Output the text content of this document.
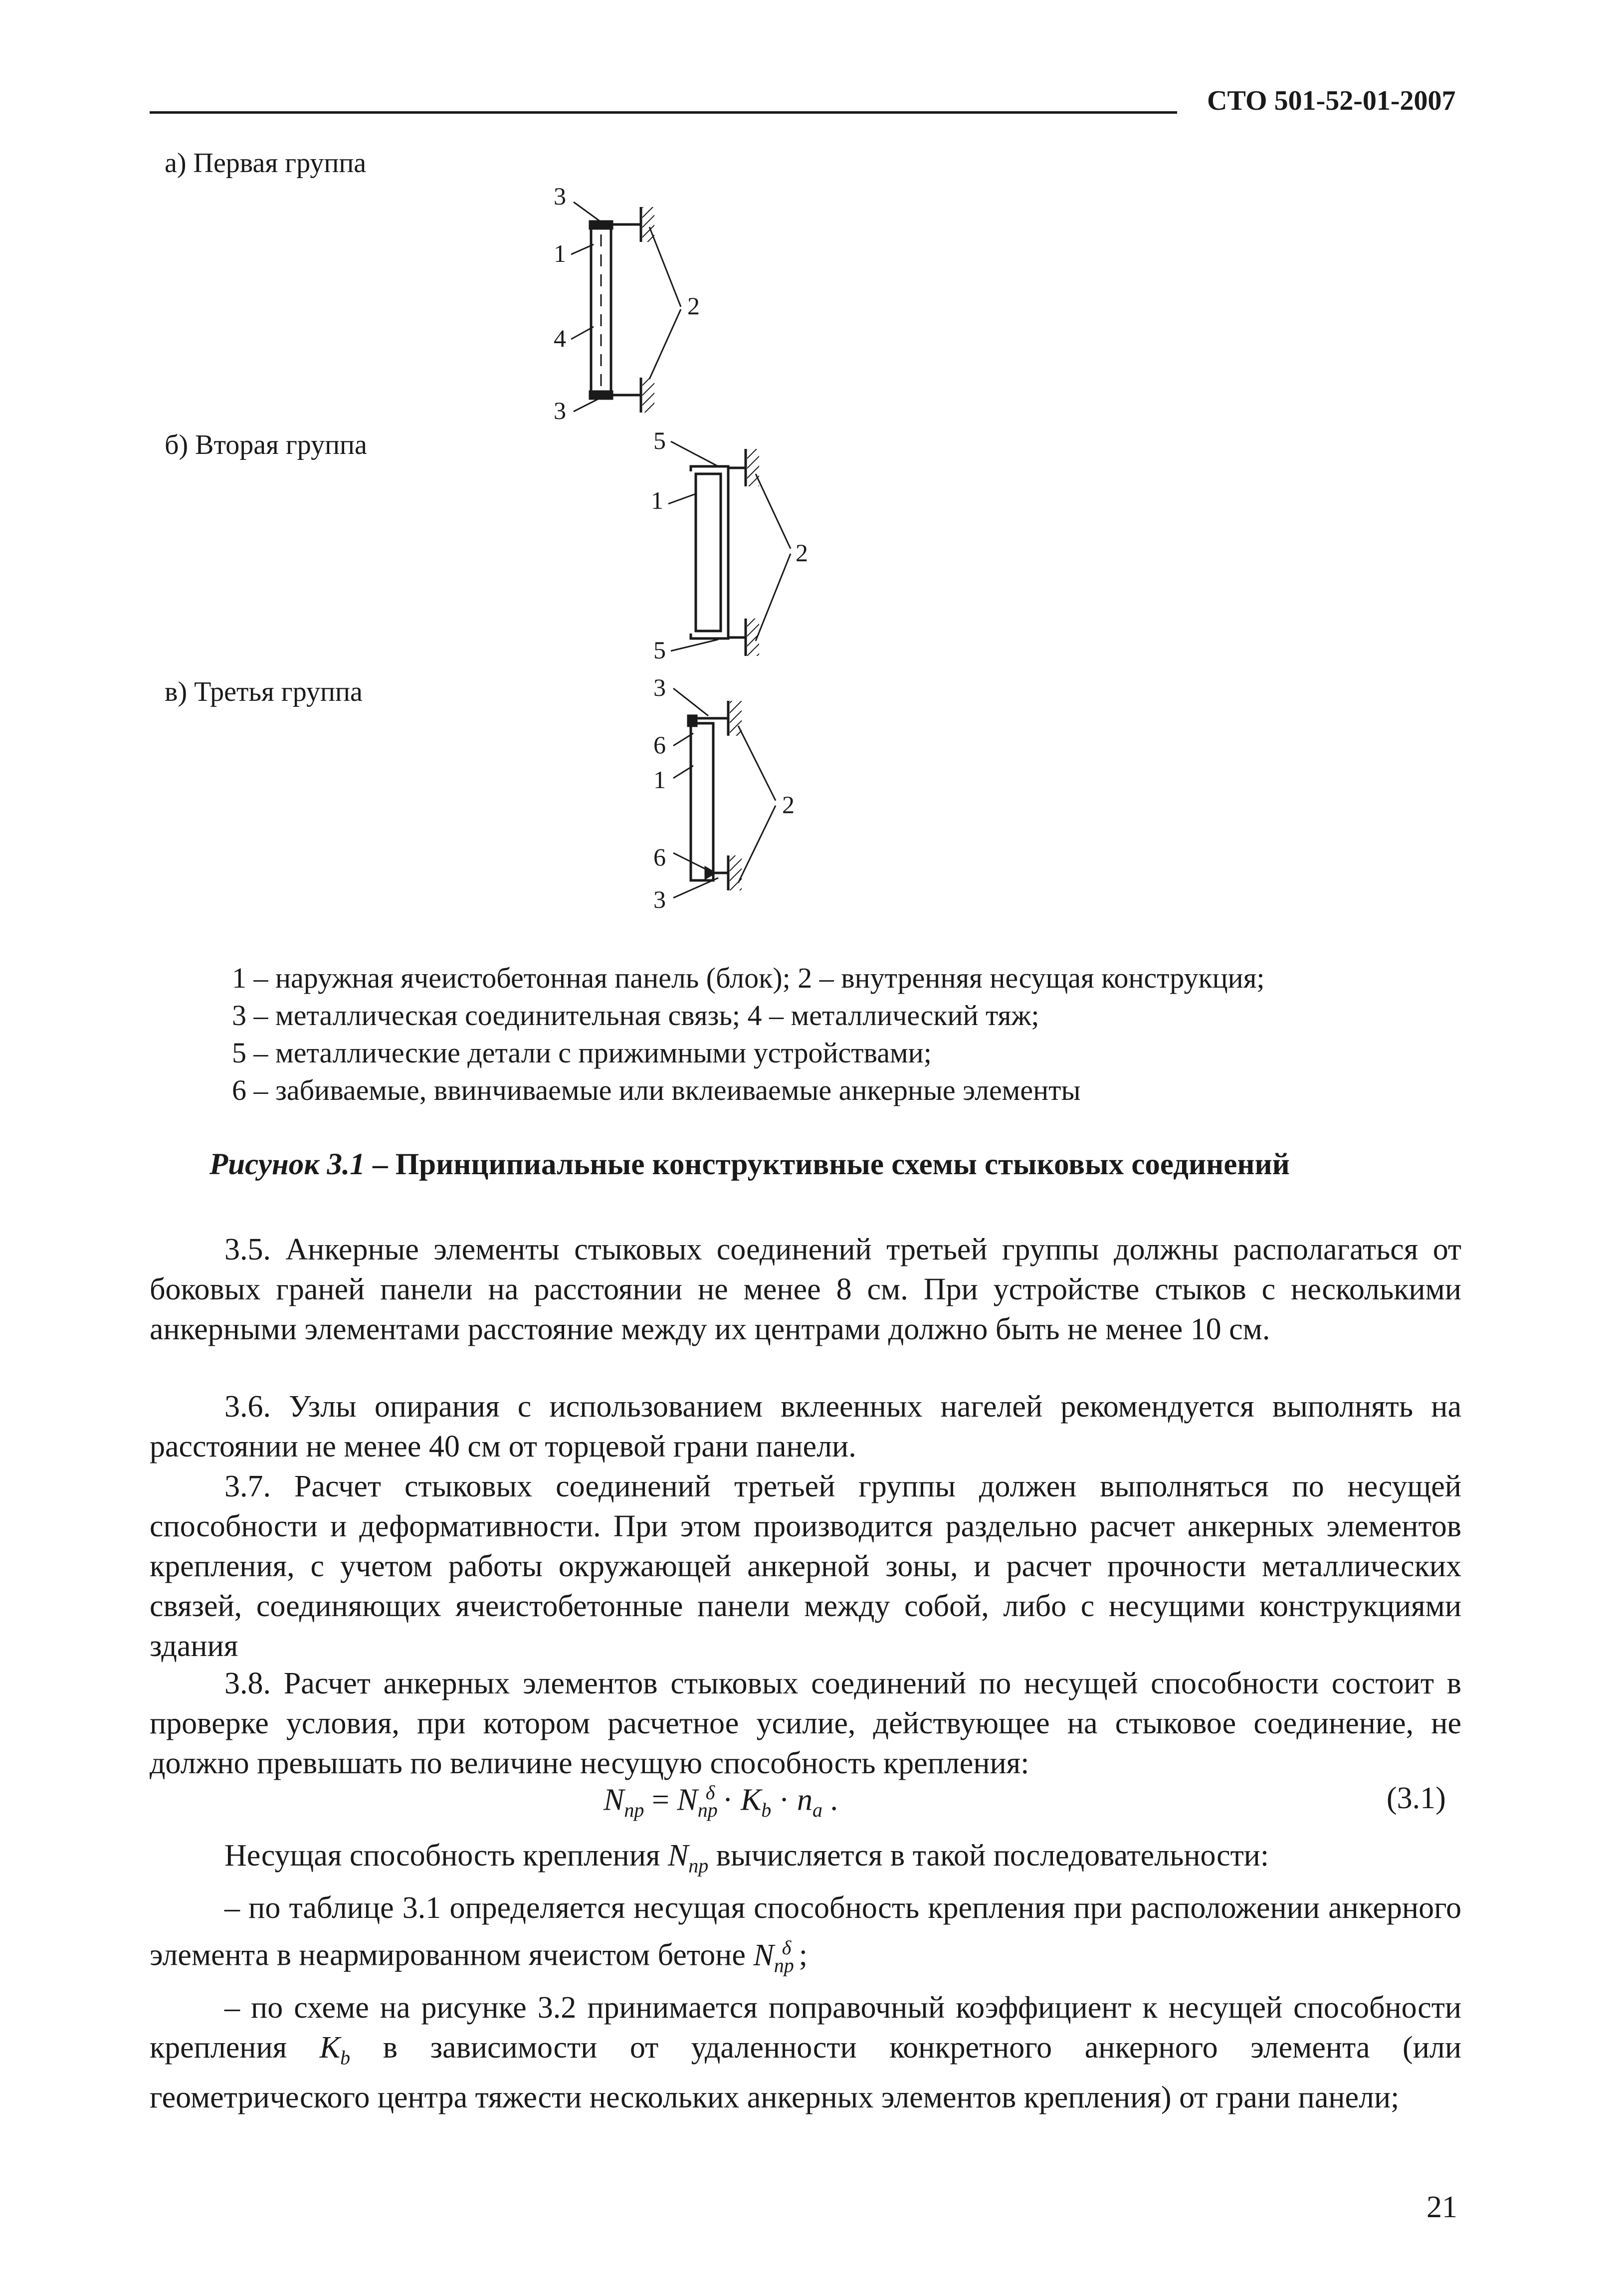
СТО 501-52-01-2007
а) Первая группа
б) Вторая группа
в) Третья группа
3
1
2
4
3
5
1
2
5
3
6
1
2
6
3
1 – наружная ячеистобетонная панель (блок); 2 – внутренняя несущая конструкция;
3 – металлическая соединительная связь; 4 – металлический тяж;
5 – металлические детали с прижимными устройствами;
6 – забиваемые, ввинчиваемые или вклеиваемые анкерные элементы
Рисунок 3.1 – Принципиальные конструктивные схемы стыковых соединений
3.5. Анкерные элементы стыковых соединений третьей группы должны располагаться от боковых граней панели на расстоянии не менее 8 см. При устройстве стыков с несколькими анкерными элементами расстояние между их центрами должно быть не менее 10 см.
3.6. Узлы опирания с использованием вклеенных нагелей рекомендуется выполнять на расстоянии не менее 40 см от торцевой грани панели.
3.7. Расчет стыковых соединений третьей группы должен выполняться по несущей способности и деформативности. При этом производится раздельно расчет анкерных элементов крепления, с учетом работы окружающей анкерной зоны, и расчет прочности металлических связей, соединяющих ячеистобетонные панели между собой, либо с несущими конструкциями здания
3.8. Расчет анкерных элементов стыковых соединений по несущей способности состоит в проверке условия, при котором расчетное усилие, действующее на стыковое соединение, не должно превышать по величине несущую способность крепления:
$N_{пр} = N_{пр}^\delta \cdot K_b \cdot n_a$ .	(3.1)
Несущая способность крепления $N_{пр}$ вычисляется в такой последовательности:
– по таблице 3.1 определяется несущая способность крепления при расположении анкерного элемента в неармированном ячеистом бетоне $N_{пр}^\delta$ ;
– по схеме на рисунке 3.2 принимается поправочный коэффициент к несущей способности крепления $K_b$ в зависимости от удаленности конкретного анкерного элемента (или геометрического центра тяжести нескольких анкерных элементов крепления) от грани панели;
21
